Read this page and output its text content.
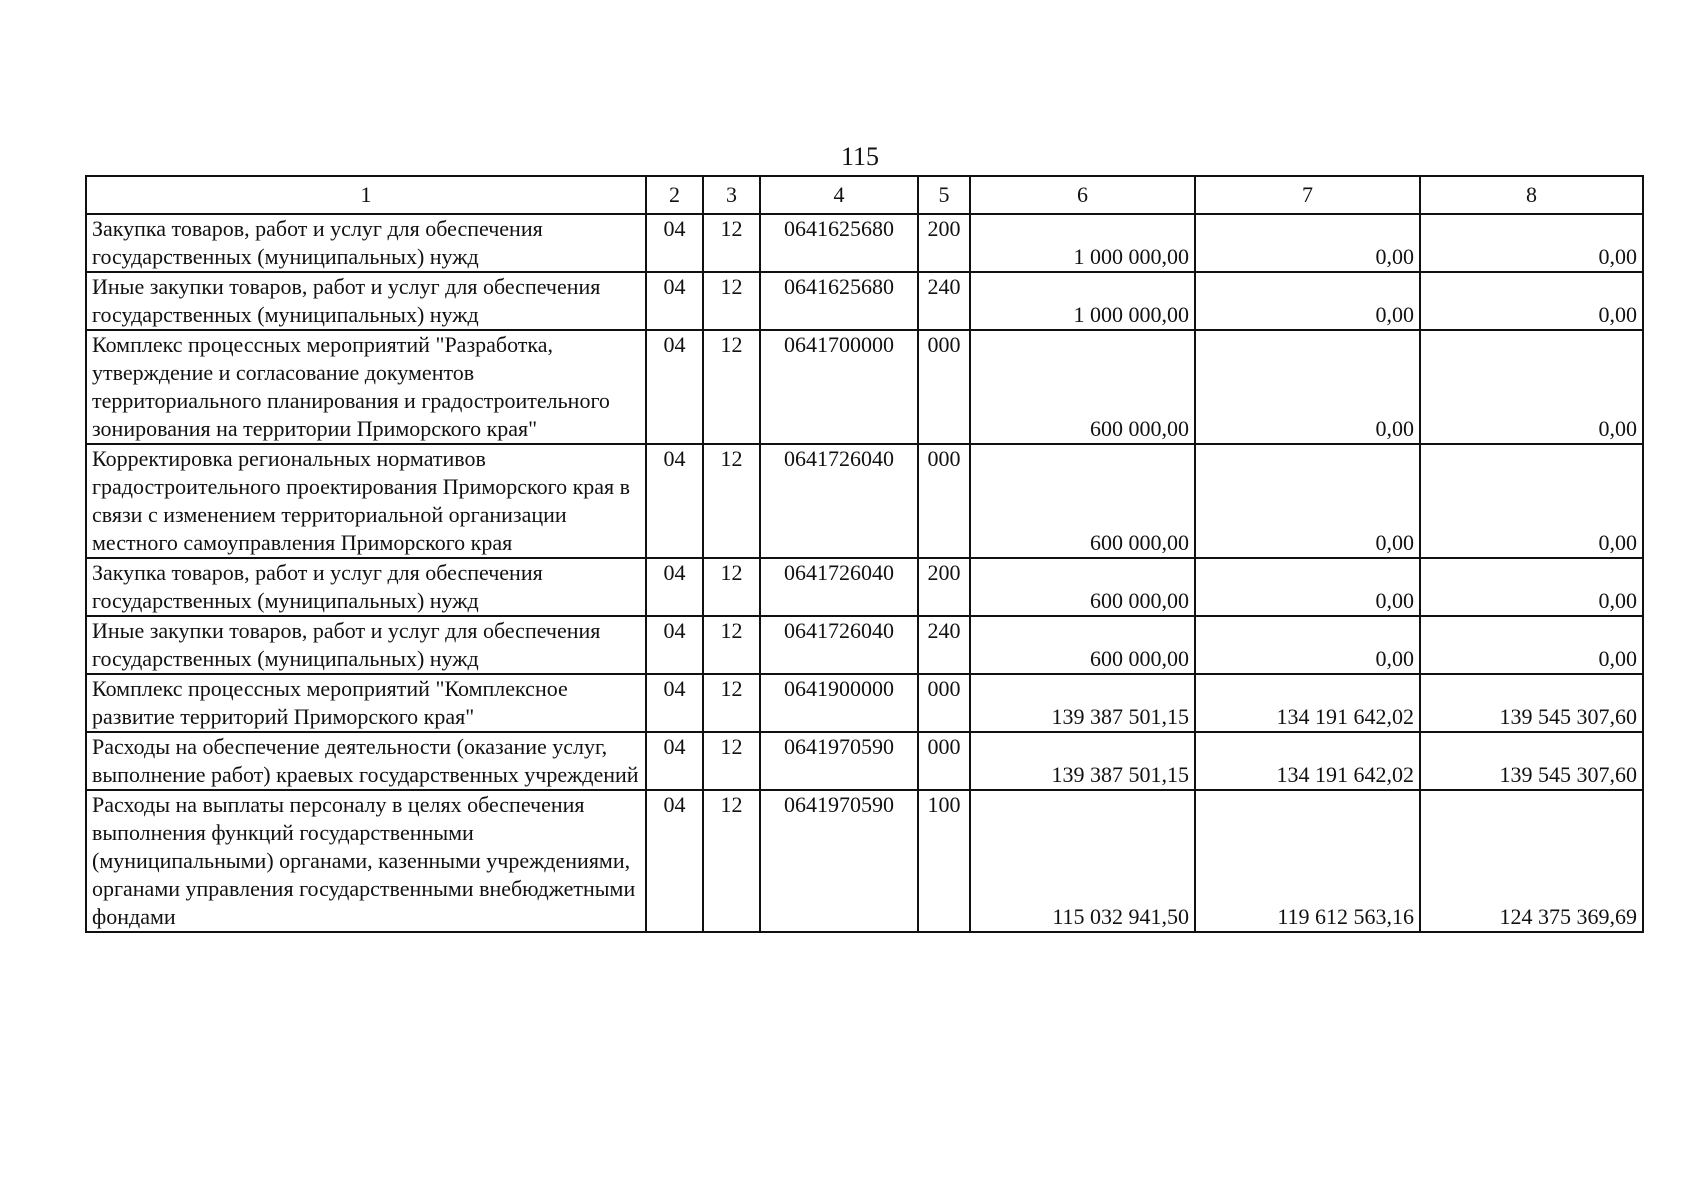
115
1	2	3	4	5	6	7	8
Закупка товаров, работ и услуг для обеспечения государственных (муниципальных) нужд	04	12	0641625680	200	1 000 000,00	0,00	0,00
Иные закупки товаров, работ и услуг для обеспечения государственных (муниципальных) нужд	04	12	0641625680	240	1 000 000,00	0,00	0,00
Комплекс процессных мероприятий "Разработка, утверждение и согласование документов территориального планирования и градостроительного зонирования на территории Приморского края"	04	12	0641700000	000	600 000,00	0,00	0,00
Корректировка региональных нормативов градостроительного проектирования Приморского края в связи с изменением территориальной организации местного самоуправления Приморского края	04	12	0641726040	000	600 000,00	0,00	0,00
Закупка товаров, работ и услуг для обеспечения государственных (муниципальных) нужд	04	12	0641726040	200	600 000,00	0,00	0,00
Иные закупки товаров, работ и услуг для обеспечения государственных (муниципальных) нужд	04	12	0641726040	240	600 000,00	0,00	0,00
Комплекс процессных мероприятий "Комплексное развитие территорий Приморского края"	04	12	0641900000	000	139 387 501,15	134 191 642,02	139 545 307,60
Расходы на обеспечение деятельности (оказание услуг, выполнение работ) краевых государственных учреждений	04	12	0641970590	000	139 387 501,15	134 191 642,02	139 545 307,60
Расходы на выплаты персоналу в целях обеспечения выполнения функций государственными (муниципальными) органами, казенными учреждениями, органами управления государственными внебюджетными фондами	04	12	0641970590	100	115 032 941,50	119 612 563,16	124 375 369,69
